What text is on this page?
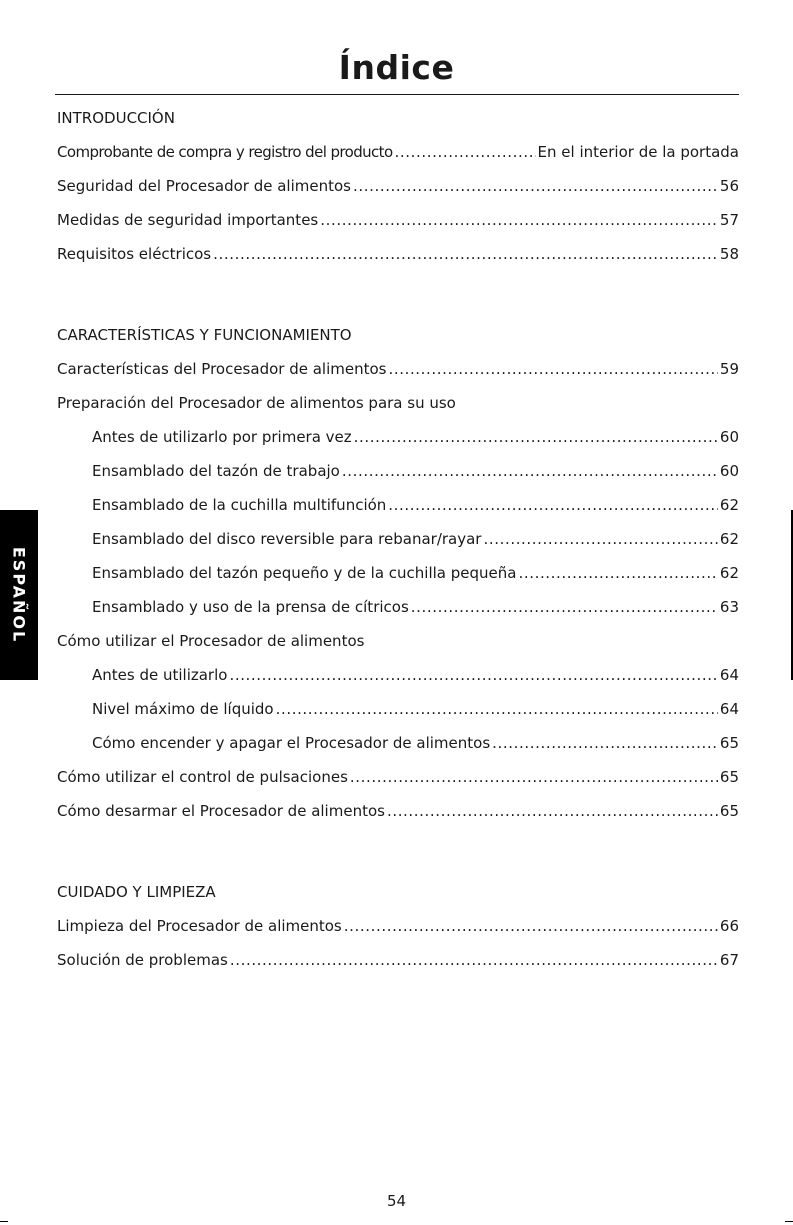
Índice
INTRODUCCIÓN
Comprobante de compra y registro del producto .....	En el interior de la portada
Seguridad del Procesador de alimentos .....	56
Medidas de seguridad importantes .....	57
Requisitos eléctricos .....	58
CARACTERÍSTICAS Y FUNCIONAMIENTO
Características del Procesador de alimentos .....	59
Preparación del Procesador de alimentos para su uso
Antes de utilizarlo por primera vez .....	60
Ensamblado del tazón de trabajo .....	60
Ensamblado de la cuchilla multifunción .....	62
Ensamblado del disco reversible para rebanar/rayar .....	62
Ensamblado del tazón pequeño y de la cuchilla pequeña .....	62
Ensamblado y uso de la prensa de cítricos .....	63
Cómo utilizar el Procesador de alimentos
Antes de utilizarlo .....	64
Nivel máximo de líquido .....	64
Cómo encender y apagar el Procesador de alimentos .....	65
Cómo utilizar el control de pulsaciones .....	65
Cómo desarmar el Procesador de alimentos .....	65
CUIDADO Y LIMPIEZA
Limpieza del Procesador de alimentos .....	66
Solución de problemas .....	67
ESPAÑOL
54
